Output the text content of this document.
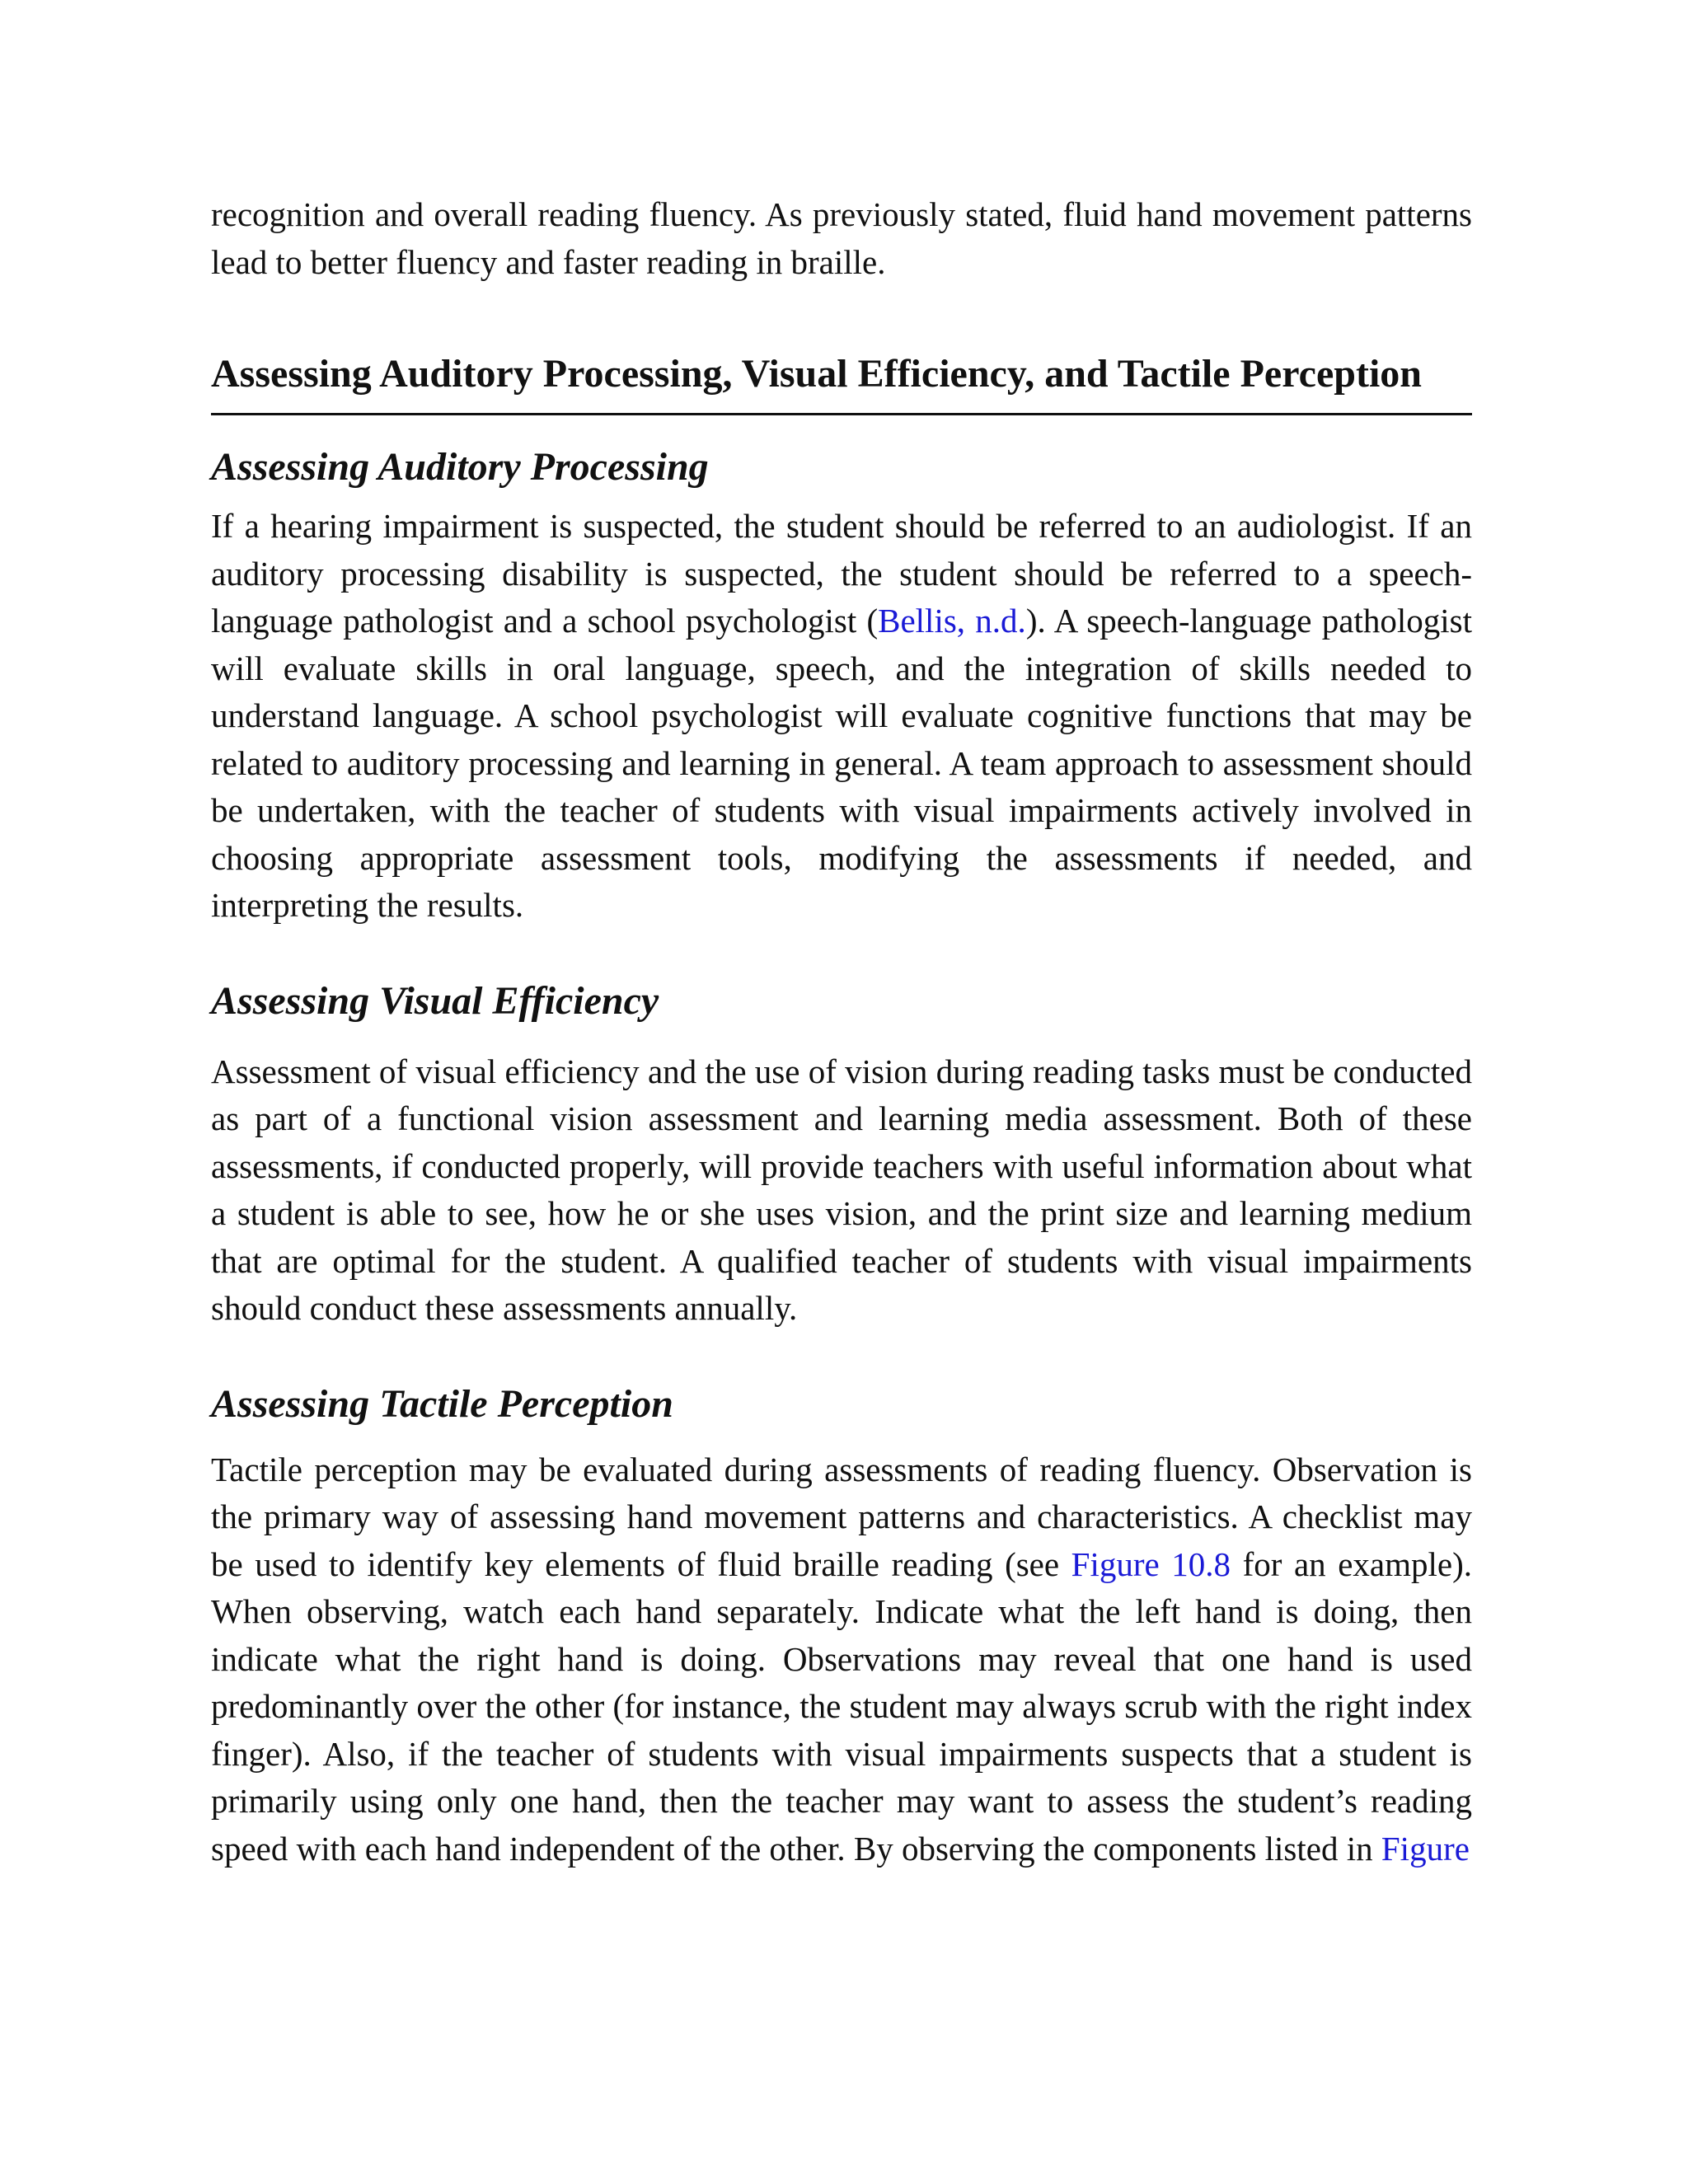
recognition and overall reading fluency. As previously stated, fluid hand movement patterns lead to better fluency and faster reading in braille.

Assessing Auditory Processing, Visual Efficiency, and Tactile Perception
Assessing Auditory Processing

If a hearing impairment is suspected, the student should be referred to an audiologist. If an auditory processing disability is suspected, the student should be referred to a speech-language pathologist and a school psychologist (Bellis, n.d.). A speech-language pathologist will evaluate skills in oral language, speech, and the integration of skills needed to understand language. A school psychologist will evaluate cognitive functions that may be related to auditory processing and learning in general. A team approach to assessment should be undertaken, with the teacher of students with visual impairments actively involved in choosing appropriate assessment tools, modifying the assessments if needed, and interpreting the results.

Assessing Visual Efficiency

Assessment of visual efficiency and the use of vision during reading tasks must be conducted as part of a functional vision assessment and learning media assessment. Both of these assessments, if conducted properly, will provide teachers with useful information about what a student is able to see, how he or she uses vision, and the print size and learning medium that are optimal for the student. A qualified teacher of students with visual impairments should conduct these assessments annually.

Assessing Tactile Perception

Tactile perception may be evaluated during assessments of reading fluency. Observation is the primary way of assessing hand movement patterns and characteristics. A checklist may be used to identify key elements of fluid braille reading (see Figure 10.8 for an example). When observing, watch each hand separately. Indicate what the left hand is doing, then indicate what the right hand is doing. Observations may reveal that one hand is used predominantly over the other (for instance, the student may always scrub with the right index finger). Also, if the teacher of students with visual impairments suspects that a student is primarily using only one hand, then the teacher may want to assess the student’s reading speed with each hand independent of the other. By observing the components listed in Figure
